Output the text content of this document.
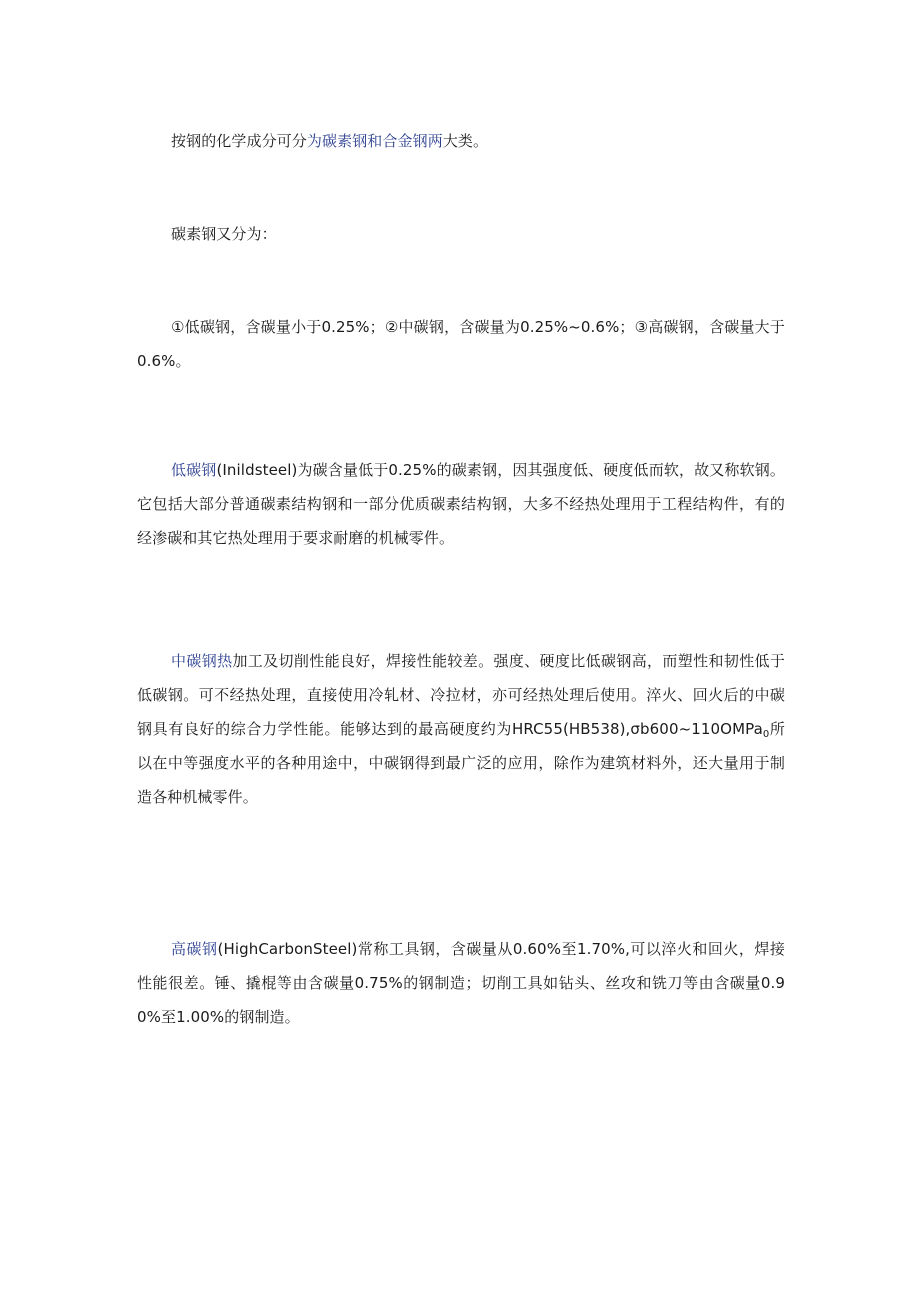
按钢的化学成分可分为碳素钢和合金钢两大类。

碳素钢又分为：

①低碳钢，含碳量小于0.25%；②中碳钢，含碳量为0.25%~0.6%；③高碳钢，含碳量大于0.6%。

低碳钢(Inildsteel)为碳含量低于0.25%的碳素钢，因其强度低、硬度低而软，故又称软钢。它包括大部分普通碳素结构钢和一部分优质碳素结构钢，大多不经热处理用于工程结构件，有的经渗碳和其它热处理用于要求耐磨的机械零件。

中碳钢热加工及切削性能良好，焊接性能较差。强度、硬度比低碳钢高，而塑性和韧性低于低碳钢。可不经热处理，直接使用冷轧材、冷拉材，亦可经热处理后使用。淬火、回火后的中碳钢具有良好的综合力学性能。能够达到的最高硬度约为HRC55(HB538),σb600~110OMPa$_0$所以在中等强度水平的各种用途中，中碳钢得到最广泛的应用，除作为建筑材料外，还大量用于制造各种机械零件。

高碳钢(HighCarbonSteel)常称工具钢，含碳量从0.60%至1.70%,可以淬火和回火，焊接性能很差。锤、撬棍等由含碳量0.75%的钢制造；切削工具如钻头、丝攻和铣刀等由含碳量0.90%至1.00%的钢制造。
